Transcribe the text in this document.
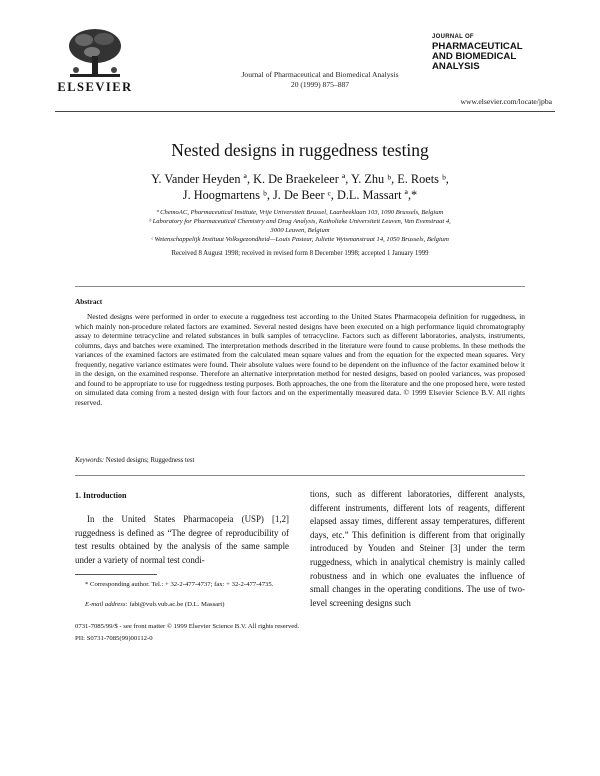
ELSEVIER
Journal of Pharmaceutical and Biomedical Analysis
20 (1999) 875–887
JOURNAL OF
PHARMACEUTICAL
AND BIOMEDICAL
ANALYSIS
www.elsevier.com/locate/jpba
Nested designs in ruggedness testing
Y. Vander Heyden ª, K. De Braekeleer ª, Y. Zhu ᵇ, E. Roets ᵇ,
J. Hoogmartens ᵇ, J. De Beer ᶜ, D.L. Massart ª,*
ª ChemoAC, Pharmaceutical Institute, Vrije Universiteit Brussel, Laarbeeklaan 103, 1090 Brussels, Belgium
ᵇ Laboratory for Pharmaceutical Chemistry and Drug Analysis, Katholieke Universiteit Leuven, Van Evenstraat 4,
3000 Leuven, Belgium
ᶜ Wetenschappelijk Instituut Volksgezondheid—Louis Pasteur, Juliette Wytsmanstraat 14, 1050 Brussels, Belgium
Received 8 August 1998; received in revised form 8 December 1998; accepted 1 January 1999
Abstract
Nested designs were performed in order to execute a ruggedness test according to the United States Pharmacopeia definition for ruggedness, in which mainly non-procedure related factors are examined. Several nested designs have been executed on a high performance liquid chromatography assay to determine tetracycline and related substances in bulk samples of tetracycline. Factors such as different laboratories, analysts, instruments, columns, days and batches were examined. The interpretation methods described in the literature were found to cause problems. In these methods the variances of the examined factors are estimated from the calculated mean square values and from the equation for the expected mean squares. Very frequently, negative variance estimates were found. Their absolute values were found to be dependent on the influence of the factor examined below it in the design, on the examined response. Therefore an alternative interpretation method for nested designs, based on pooled variances, was proposed and found to be appropriate to use for ruggedness testing purposes. Both approaches, the one from the literature and the one proposed here, were tested on simulated data coming from a nested design with four factors and on the experimentally measured data. © 1999 Elsevier Science B.V. All rights reserved.
Keywords: Nested designs; Ruggedness test
1. Introduction
In the United States Pharmacopeia (USP) [1,2] ruggedness is defined as “The degree of reproducibility of test results obtained by the analysis of the same sample under a variety of normal test condi-
tions, such as different laboratories, different analysts, different instruments, different lots of reagents, different elapsed assay times, different assay temperatures, different days, etc.” This definition is different from that originally introduced by Youden and Steiner [3] under the term ruggedness, which in analytical chemistry is mainly called robustness and in which one evaluates the influence of small changes in the operating conditions. The use of two-level screening designs such
* Corresponding author. Tel.: + 32-2-477-4737; fax: + 32-2-477-4735.
E-mail address: fabi@vub.vub.ac.be (D.L. Massart)
0731-7085/99/$ - see front matter © 1999 Elsevier Science B.V. All rights reserved.
PII: S0731-7085(99)00112-0
